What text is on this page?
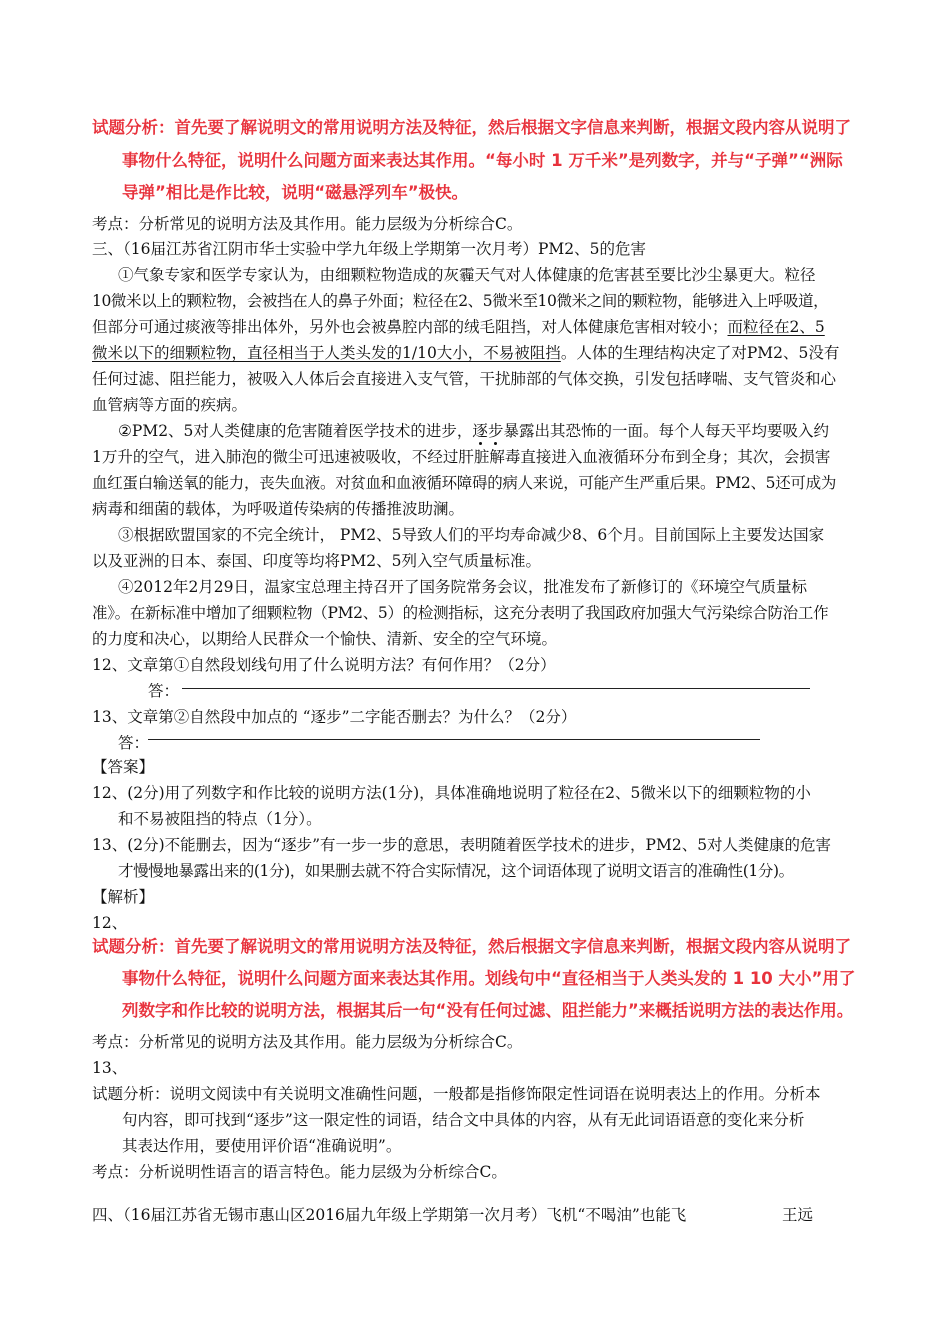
试题分析：首先要了解说明文的常用说明方法及特征，然后根据文字信息来判断，根据文段内容从说明了
事物什么特征，说明什么问题方面来表达其作用。“每小时 1 万千米”是列数字，并与“子弹”“洲际
导弹”相比是作比较，说明“磁悬浮列车”极快。
考点：分析常见的说明方法及其作用。能力层级为分析综合C。
三、（16届江苏省江阴市华士实验中学九年级上学期第一次月考）PM2、5的危害
①气象专家和医学专家认为，由细颗粒物造成的灰霾天气对人体健康的危害甚至要比沙尘暴更大。粒径
10微米以上的颗粒物，会被挡在人的鼻子外面；粒径在2、5微米至10微米之间的颗粒物，能够进入上呼吸道，
但部分可通过痰液等排出体外，另外也会被鼻腔内部的绒毛阻挡，对人体健康危害相对较小；而粒径在2、5
微米以下的细颗粒物，直径相当于人类头发的1/10大小，不易被阻挡。人体的生理结构决定了对PM2、5没有
任何过滤、阻拦能力，被吸入人体后会直接进入支气管，干扰肺部的气体交换，引发包括哮喘、支气管炎和心
血管病等方面的疾病。
②PM2、5对人类健康的危害随着医学技术的进步，逐步暴露出其恐怖的一面。每个人每天平均要吸入约
1万升的空气，进入肺泡的微尘可迅速被吸收，不经过肝脏解毒直接进入血液循环分布到全身；其次，会损害
血红蛋白输送氧的能力，丧失血液。对贫血和血液循环障碍的病人来说，可能产生严重后果。PM2、5还可成为
病毒和细菌的载体，为呼吸道传染病的传播推波助澜。
③根据欧盟国家的不完全统计， PM2、5导致人们的平均寿命减少8、6个月。目前国际上主要发达国家
以及亚洲的日本、泰国、印度等均将PM2、5列入空气质量标准。
④2012年2月29日，温家宝总理主持召开了国务院常务会议，批准发布了新修订的《环境空气质量标
准》。在新标准中增加了细颗粒物（PM2、5）的检测指标，这充分表明了我国政府加强大气污染综合防治工作
的力度和决心，以期给人民群众一个愉快、清新、安全的空气环境。
12、文章第①自然段划线句用了什么说明方法？有何作用？（2分）
答：
13、文章第②自然段中加点的 “逐步”二字能否删去？为什么？（2分）
答：
【答案】
12、(2分)用了列数字和作比较的说明方法(1分)，具体准确地说明了粒径在2、5微米以下的细颗粒物的小
和不易被阻挡的特点（1分）。
13、(2分)不能删去，因为“逐步”有一步一步的意思，表明随着医学技术的进步，PM2、5对人类健康的危害
才慢慢地暴露出来的(1分)，如果删去就不符合实际情况，这个词语体现了说明文语言的准确性(1分)。
【解析】
12、
试题分析：首先要了解说明文的常用说明方法及特征，然后根据文字信息来判断，根据文段内容从说明了
事物什么特征，说明什么问题方面来表达其作用。划线句中“直径相当于人类头发的 1 10 大小”用了
列数字和作比较的说明方法，根据其后一句“没有任何过滤、阻拦能力”来概括说明方法的表达作用。
考点：分析常见的说明方法及其作用。能力层级为分析综合C。
13、
试题分析：说明文阅读中有关说明文准确性问题，一般都是指修饰限定性词语在说明表达上的作用。分析本
句内容，即可找到“逐步”这一限定性的词语，结合文中具体的内容，从有无此词语语意的变化来分析
其表达作用，要使用评价语“准确说明”。
考点：分析说明性语言的语言特色。能力层级为分析综合C。
四、（16届江苏省无锡市惠山区2016届九年级上学期第一次月考）飞机“不喝油”也能飞	王远
